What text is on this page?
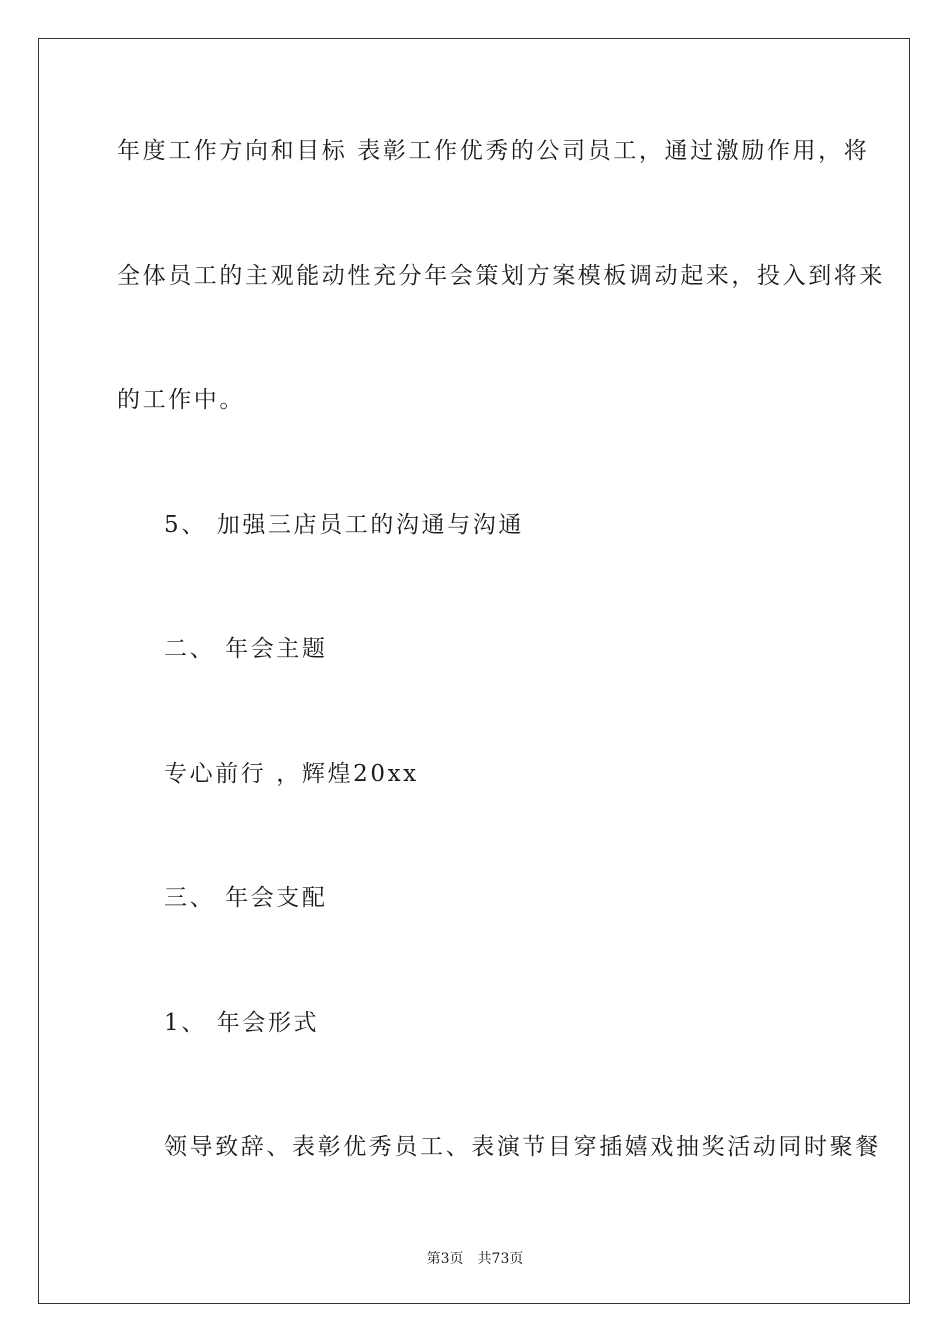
年度工作方向和目标 表彰工作优秀的公司员工，通过激励作用，将
全体员工的主观能动性充分年会策划方案模板调动起来，投入到将来
的工作中。
5、 加强三店员工的沟通与沟通
二、 年会主题
专心前行 ，辉煌20xx
三、 年会支配
1、 年会形式
领导致辞、表彰优秀员工、表演节目穿插嬉戏抽奖活动同时聚餐
第3页 共73页
